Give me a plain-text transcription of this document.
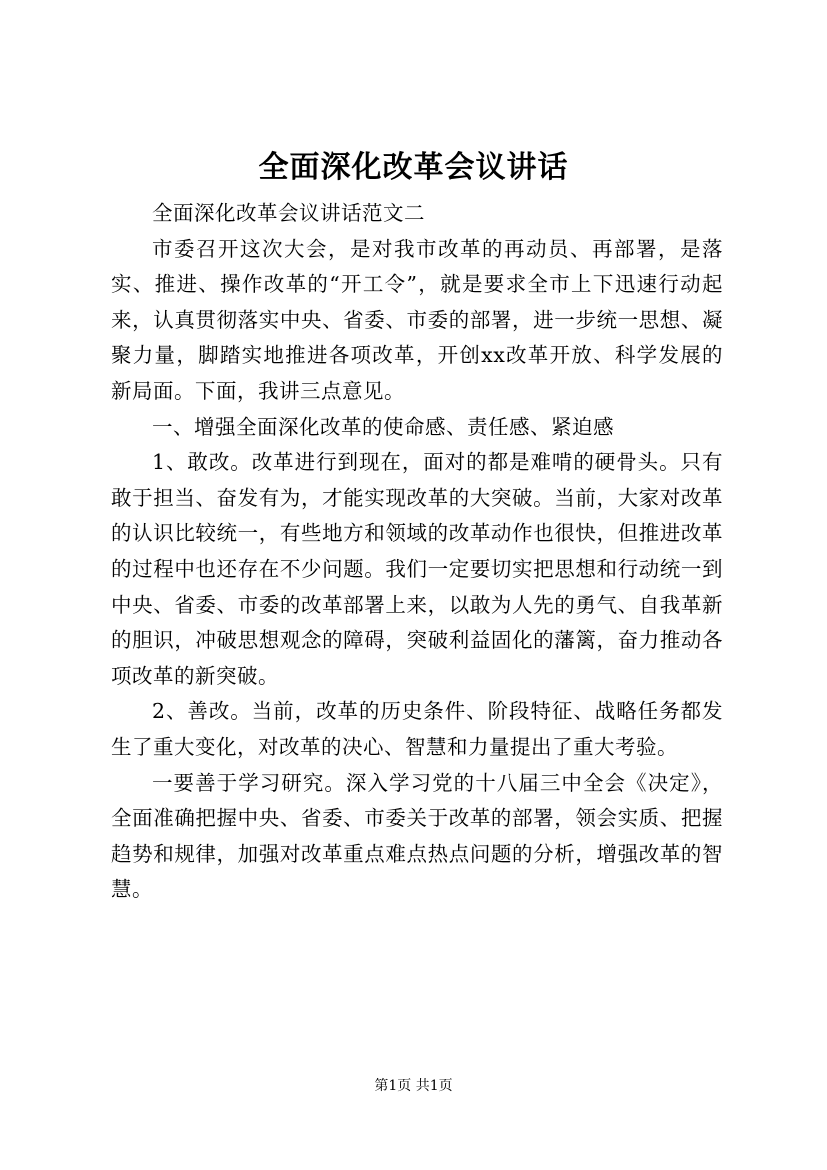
全面深化改革会议讲话

全面深化改革会议讲话范文二

市委召开这次大会，是对我市改革的再动员、再部署，是落实、推进、操作改革的“开工令”，就是要求全市上下迅速行动起来，认真贯彻落实中央、省委、市委的部署，进一步统一思想、凝聚力量，脚踏实地推进各项改革，开创xx改革开放、科学发展的新局面。下面，我讲三点意见。

一、增强全面深化改革的使命感、责任感、紧迫感

1、敢改。改革进行到现在，面对的都是难啃的硬骨头。只有敢于担当、奋发有为，才能实现改革的大突破。当前，大家对改革的认识比较统一，有些地方和领域的改革动作也很快，但推进改革的过程中也还存在不少问题。我们一定要切实把思想和行动统一到中央、省委、市委的改革部署上来，以敢为人先的勇气、自我革新的胆识，冲破思想观念的障碍，突破利益固化的藩篱，奋力推动各项改革的新突破。

2、善改。当前，改革的历史条件、阶段特征、战略任务都发生了重大变化，对改革的决心、智慧和力量提出了重大考验。

一要善于学习研究。深入学习党的十八届三中全会《决定》，全面准确把握中央、省委、市委关于改革的部署，领会实质、把握趋势和规律，加强对改革重点难点热点问题的分析，增强改革的智慧。

第1页 共1页
